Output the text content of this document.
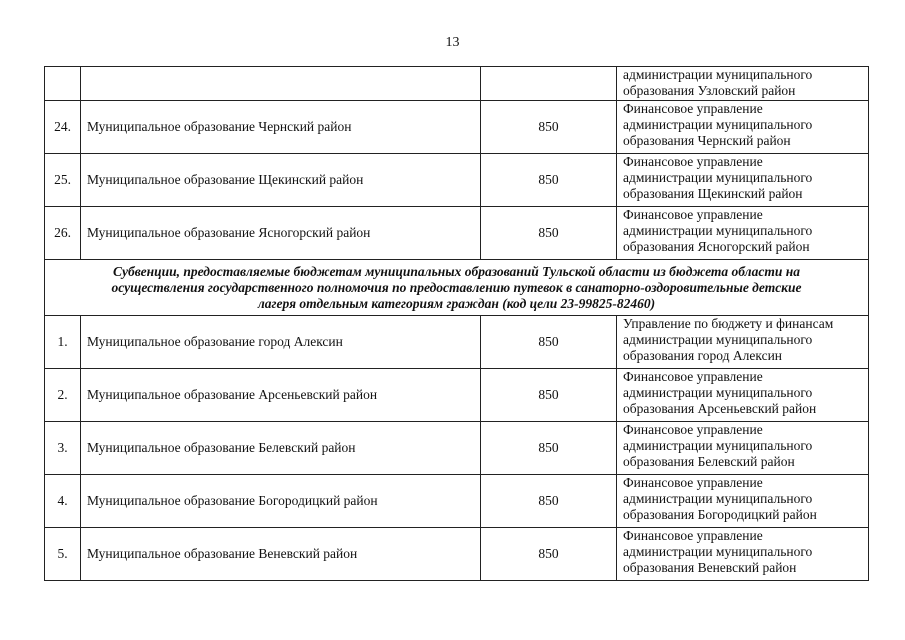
13

			администрации муниципального
образования Узловский район

24.	Муниципальное образование Чернский район	850	Финансовое управление
администрации муниципального
образования Чернский район

25.	Муниципальное образование Щекинский район	850	Финансовое управление
администрации муниципального
образования Щекинский район

26.	Муниципальное образование Ясногорский район	850	Финансовое управление
администрации муниципального
образования Ясногорский район

Субвенции, предоставляемые бюджетам муниципальных образований Тульской области из бюджета области на
осуществления государственного полномочия по предоставлению путевок в санаторно-оздоровительные детские
лагеря отдельным категориям граждан (код цели 23-99825-82460)			

1.	Муниципальное образование город Алексин	850	Управление по бюджету и финансам
администрации муниципального
образования город Алексин

2.	Муниципальное образование Арсеньевский район	850	Финансовое управление
администрации муниципального
образования Арсеньевский район

3.	Муниципальное образование Белевский район	850	Финансовое управление
администрации муниципального
образования Белевский район

4.	Муниципальное образование Богородицкий район	850	Финансовое управление
администрации муниципального
образования Богородицкий район

5.	Муниципальное образование Веневский район	850	Финансовое управление
администрации муниципального
образования Веневский район
